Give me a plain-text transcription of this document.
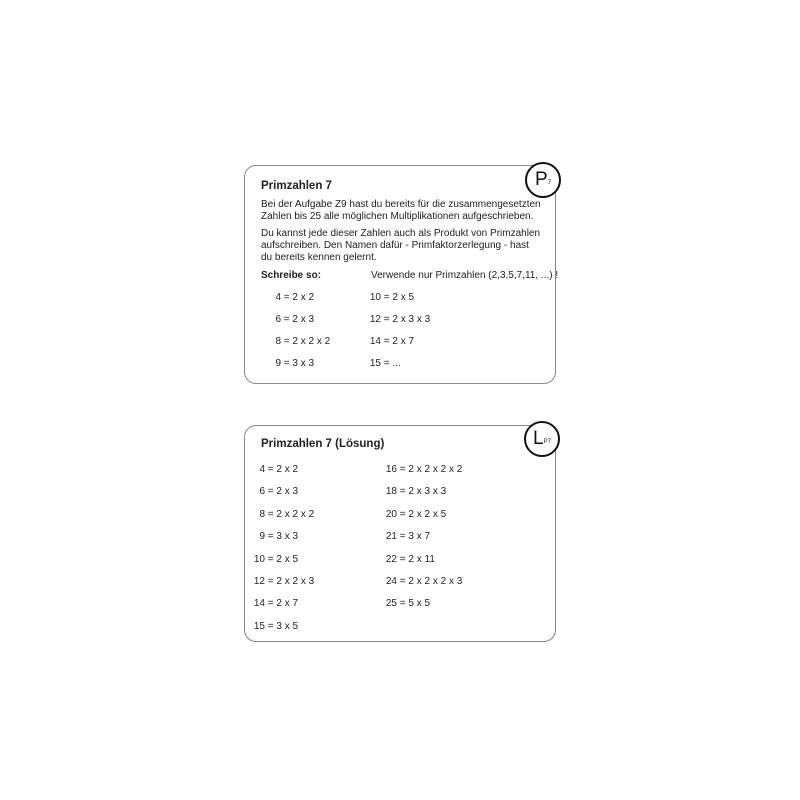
Primzahlen 7
Bei der Aufgabe Z9 hast du bereits für die zusammengesetzten
Zahlen bis 25 alle möglichen Multiplikationen aufgeschrieben.
Du kannst jede dieser Zahlen auch als Produkt von Primzahlen
aufschreiben. Den Namen dafür - Primfaktorzerlegung - hast
du bereits kennen gelernt.
Schreibe so:	Verwende nur Primzahlen (2,3,5,7,11, ...) !
4 = 2 x 2
6 = 2 x 3
8 = 2 x 2 x 2
9 = 3 x 3
10 = 2 x 5
12 = 2 x 3 x 3
14 = 2 x 7
15 = ...
$P_7$
Primzahlen 7 (Lösung)
4 = 2 x 2
6 = 2 x 3
8 = 2 x 2 x 2
9 = 3 x 3
10 = 2 x 5
12 = 2 x 2 x 3
14 = 2 x 7
15 = 3 x 5
16 = 2 x 2 x 2 x 2
18 = 2 x 3 x 3
20 = 2 x 2 x 5
21 = 3 x 7
22 = 2 x 11
24 = 2 x 2 x 2 x 3
25 = 5 x 5
$L_{P7}$
